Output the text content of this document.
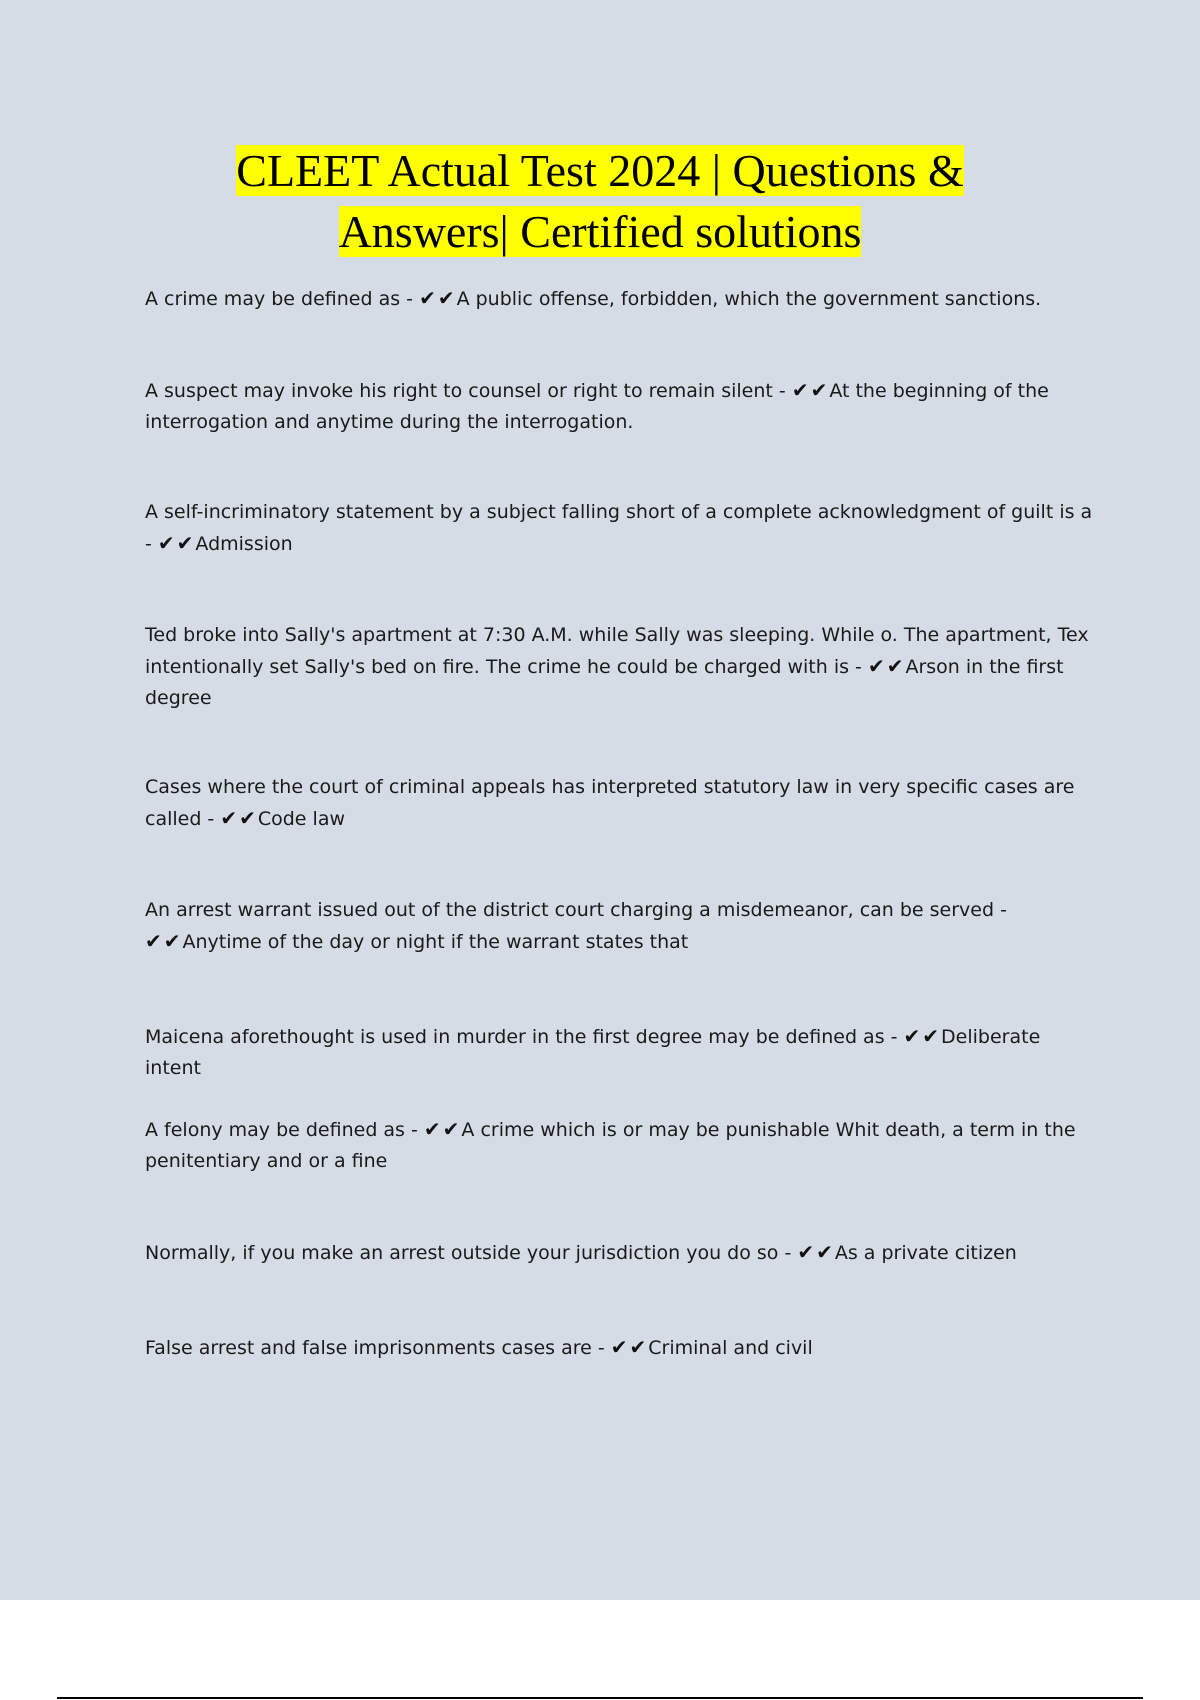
CLEET Actual Test 2024 | Questions &
Answers| Certified solutions

A crime may be defined as - ✔✔A public offense, forbidden, which the government sanctions.

A suspect may invoke his right to counsel or right to remain silent - ✔✔At the beginning of the interrogation and anytime during the interrogation.

A self-incriminatory statement by a subject falling short of a complete acknowledgment of guilt is a - ✔✔Admission

Ted broke into Sally's apartment at 7:30 A.M. while Sally was sleeping. While o. The apartment, Tex intentionally set Sally's bed on fire. The crime he could be charged with is - ✔✔Arson in the first degree

Cases where the court of criminal appeals has interpreted statutory law in very specific cases are called - ✔✔Code law

An arrest warrant issued out of the district court charging a misdemeanor, can be served - ✔✔Anytime of the day or night if the warrant states that

Maicena aforethought is used in murder in the first degree may be defined as - ✔✔Deliberate intent

A felony may be defined as - ✔✔A crime which is or may be punishable Whit death, a term in the penitentiary and or a fine

Normally, if you make an arrest outside your jurisdiction you do so - ✔✔As a private citizen

False arrest and false imprisonments cases are - ✔✔Criminal and civil
